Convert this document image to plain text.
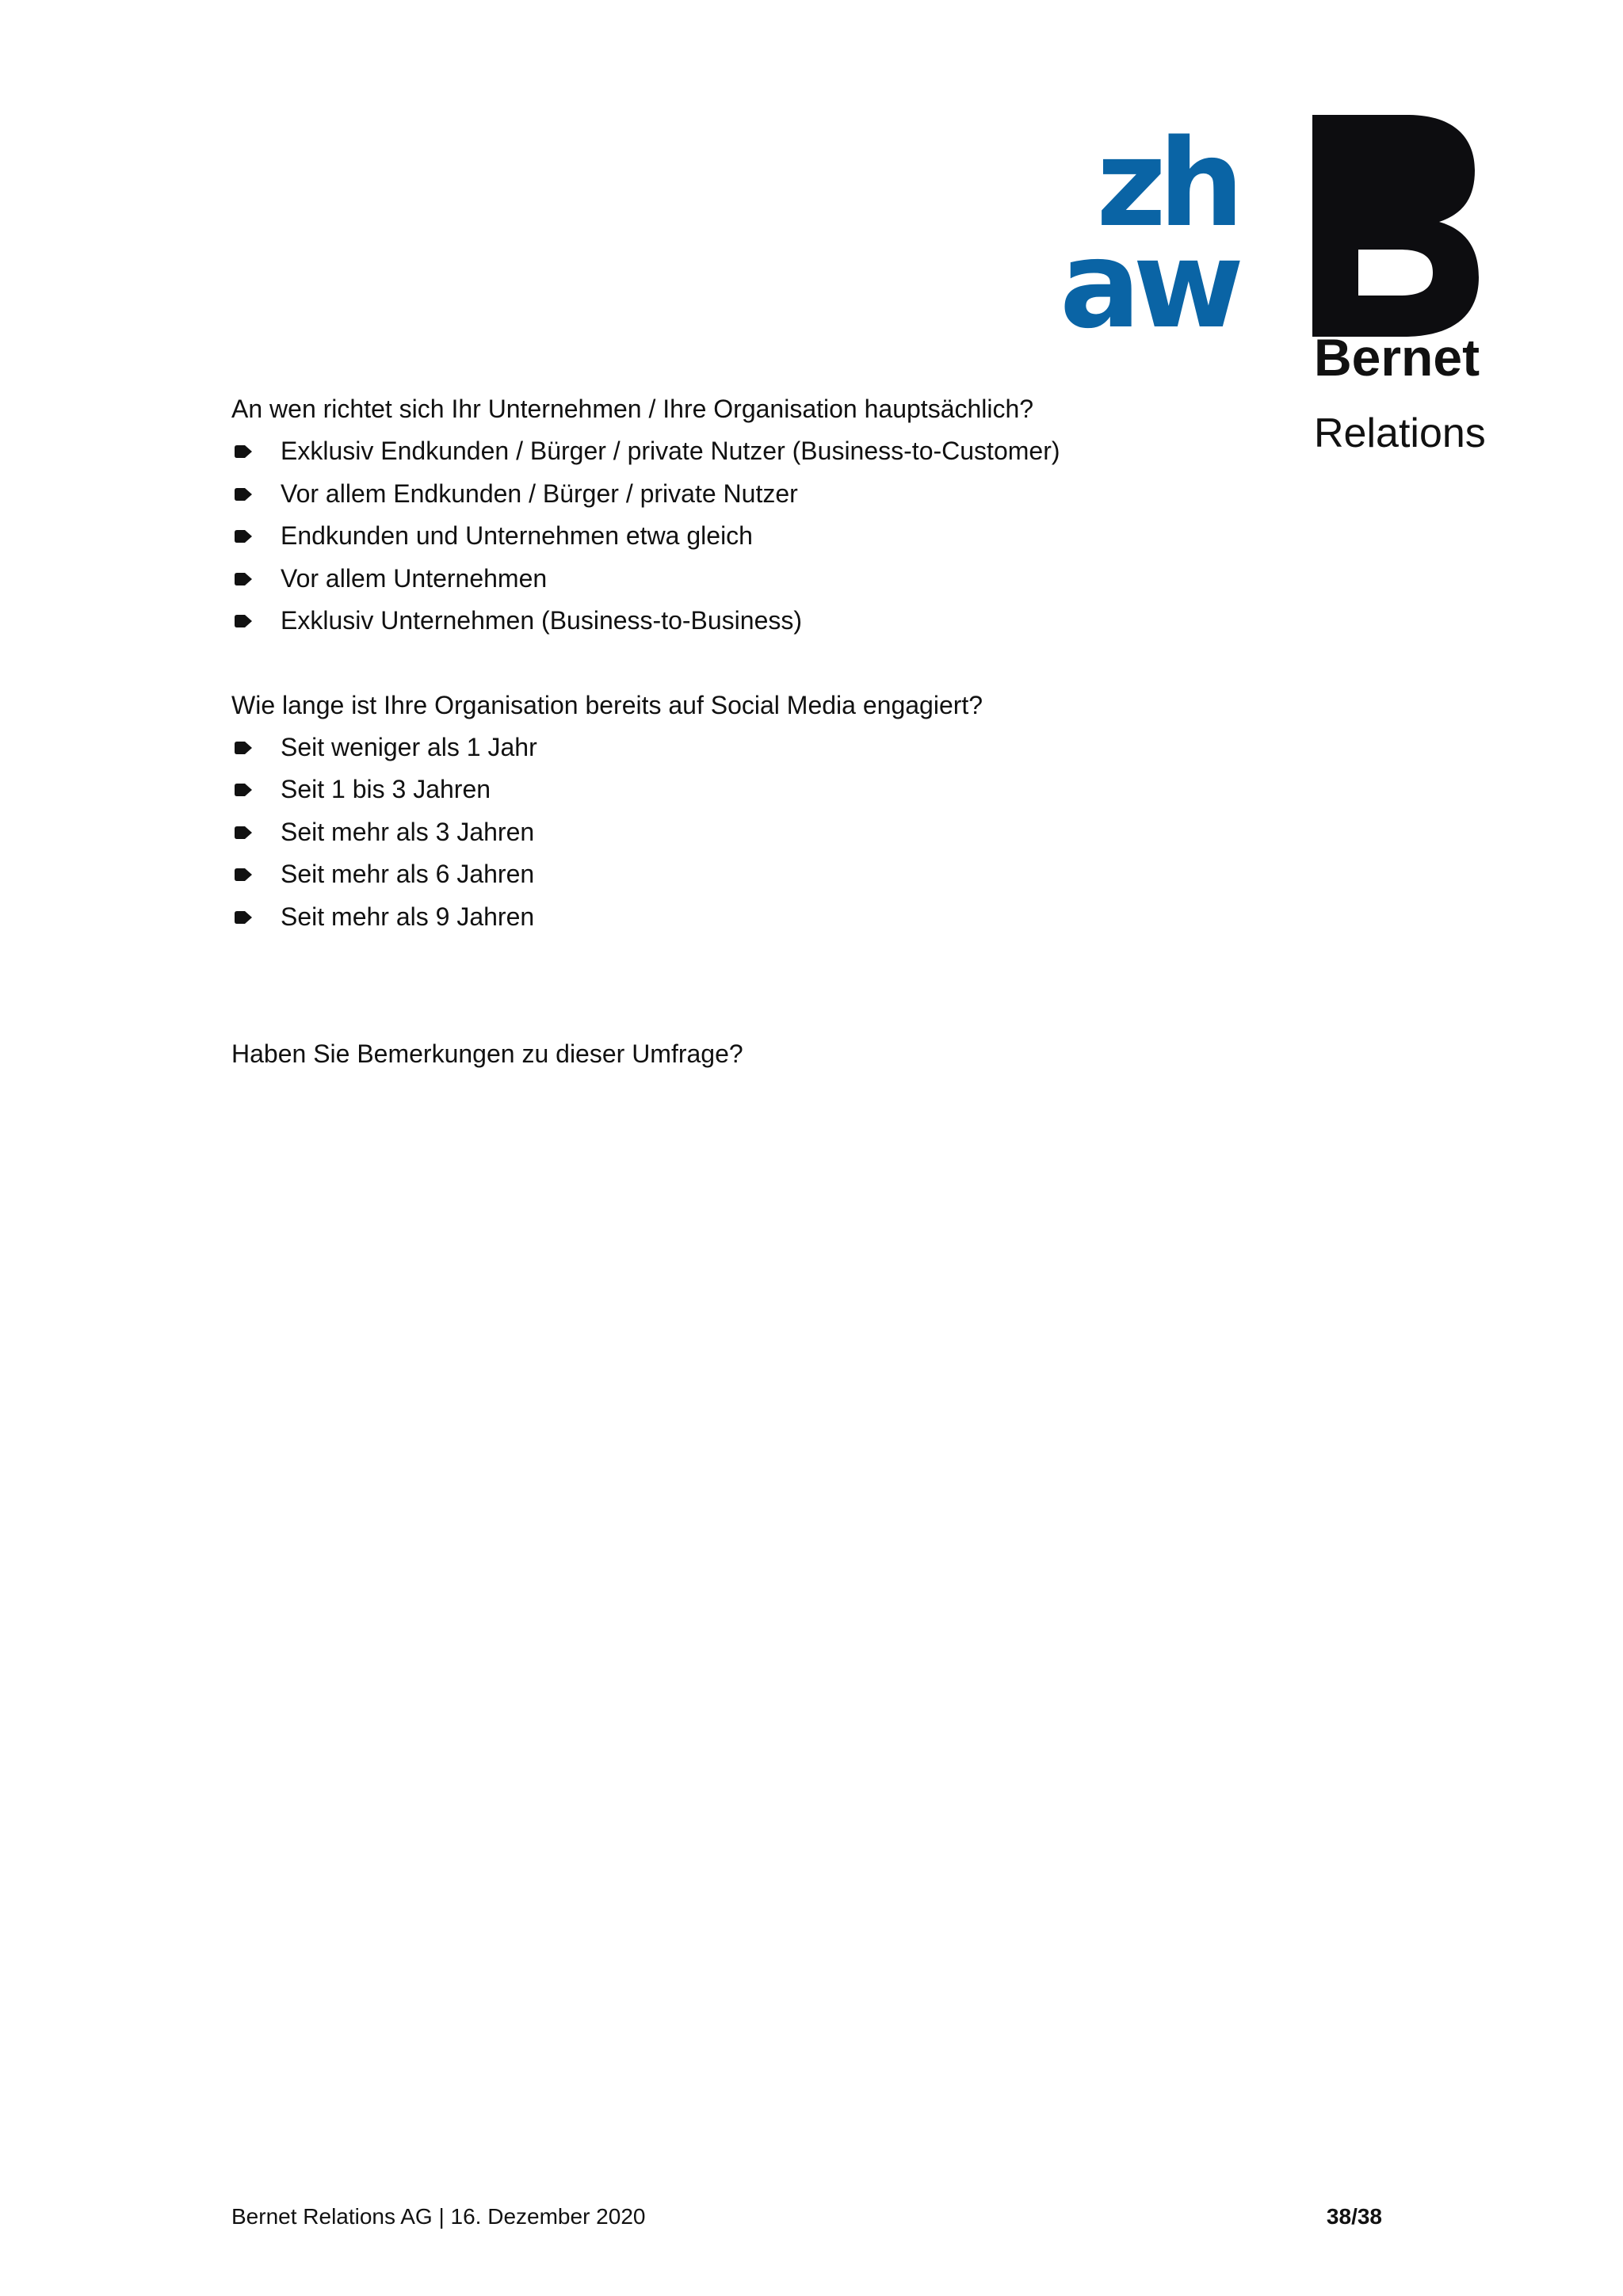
zh
aw
Bernet
Relations

An wen richtet sich Ihr Unternehmen / Ihre Organisation hauptsächlich?

Exklusiv Endkunden / Bürger / private Nutzer (Business-to-Customer)
Vor allem Endkunden / Bürger / private Nutzer
Endkunden und Unternehmen etwa gleich
Vor allem Unternehmen
Exklusiv Unternehmen (Business-to-Business)

Wie lange ist Ihre Organisation bereits auf Social Media engagiert?

Seit weniger als 1 Jahr
Seit 1 bis 3 Jahren
Seit mehr als 3 Jahren
Seit mehr als 6 Jahren
Seit mehr als 9 Jahren

Haben Sie Bemerkungen zu dieser Umfrage?

Bernet Relations AG | 16. Dezember 2020	38/38
